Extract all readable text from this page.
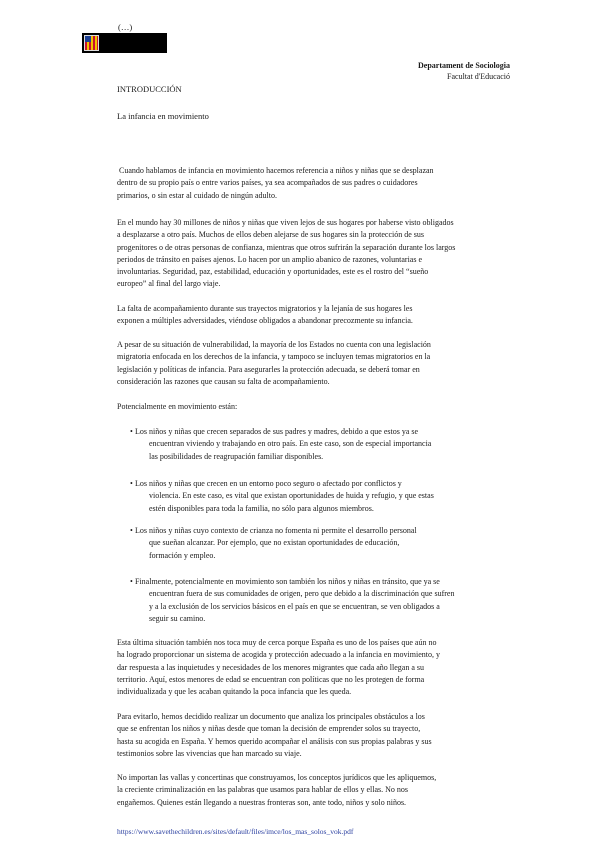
(…)
Departament de Sociologia
Facultat d'Educació
INTRODUCCIÓN
La infancia en movimiento
Cuando hablamos de infancia en movimiento hacemos referencia a niños y niñas que se desplazan
dentro de su propio país o entre varios países, ya sea acompañados de sus padres o cuidadores
primarios, o sin estar al cuidado de ningún adulto.
En el mundo hay 30 millones de niños y niñas que viven lejos de sus hogares por haberse visto obligados
a desplazarse a otro país. Muchos de ellos deben alejarse de sus hogares sin la protección de sus
progenitores o de otras personas de confianza, mientras que otros sufrirán la separación durante los largos
periodos de tránsito en países ajenos. Lo hacen por un amplio abanico de razones, voluntarias e
involuntarias. Seguridad, paz, estabilidad, educación y oportunidades, este es el rostro del “sueño
europeo” al final del largo viaje.
La falta de acompañamiento durante sus trayectos migratorios y la lejanía de sus hogares les
exponen a múltiples adversidades, viéndose obligados a abandonar precozmente su infancia.
A pesar de su situación de vulnerabilidad, la mayoría de los Estados no cuenta con una legislación
migratoria enfocada en los derechos de la infancia, y tampoco se incluyen temas migratorios en la
legislación y políticas de infancia. Para asegurarles la protección adecuada, se deberá tomar en
consideración las razones que causan su falta de acompañamiento.
Potencialmente en movimiento están:
• Los niños y niñas que crecen separados de sus padres y madres, debido a que estos ya se
encuentran viviendo y trabajando en otro país. En este caso, son de especial importancia
las posibilidades de reagrupación familiar disponibles.
• Los niños y niñas que crecen en un entorno poco seguro o afectado por conflictos y
violencia. En este caso, es vital que existan oportunidades de huida y refugio, y que estas
estén disponibles para toda la familia, no sólo para algunos miembros.
• Los niños y niñas cuyo contexto de crianza no fomenta ni permite el desarrollo personal
que sueñan alcanzar. Por ejemplo, que no existan oportunidades de educación,
formación y empleo.
• Finalmente, potencialmente en movimiento son también los niños y niñas en tránsito, que ya se
encuentran fuera de sus comunidades de origen, pero que debido a la discriminación que sufren
y a la exclusión de los servicios básicos en el país en que se encuentran, se ven obligados a
seguir su camino.
Esta última situación también nos toca muy de cerca porque España es uno de los países que aún no
ha logrado proporcionar un sistema de acogida y protección adecuado a la infancia en movimiento, y
dar respuesta a las inquietudes y necesidades de los menores migrantes que cada año llegan a su
territorio. Aquí, estos menores de edad se encuentran con políticas que no les protegen de forma
individualizada y que les acaban quitando la poca infancia que les queda.
Para evitarlo, hemos decidido realizar un documento que analiza los principales obstáculos a los
que se enfrentan los niños y niñas desde que toman la decisión de emprender solos su trayecto,
hasta su acogida en España. Y hemos querido acompañar el análisis con sus propias palabras y sus
testimonios sobre las vivencias que han marcado su viaje.
No importan las vallas y concertinas que construyamos, los conceptos jurídicos que les apliquemos,
la creciente criminalización en las palabras que usamos para hablar de ellos y ellas. No nos
engañemos. Quienes están llegando a nuestras fronteras son, ante todo, niños y solo niños.
https://www.savethechildren.es/sites/default/files/imce/los_mas_solos_vok.pdf
